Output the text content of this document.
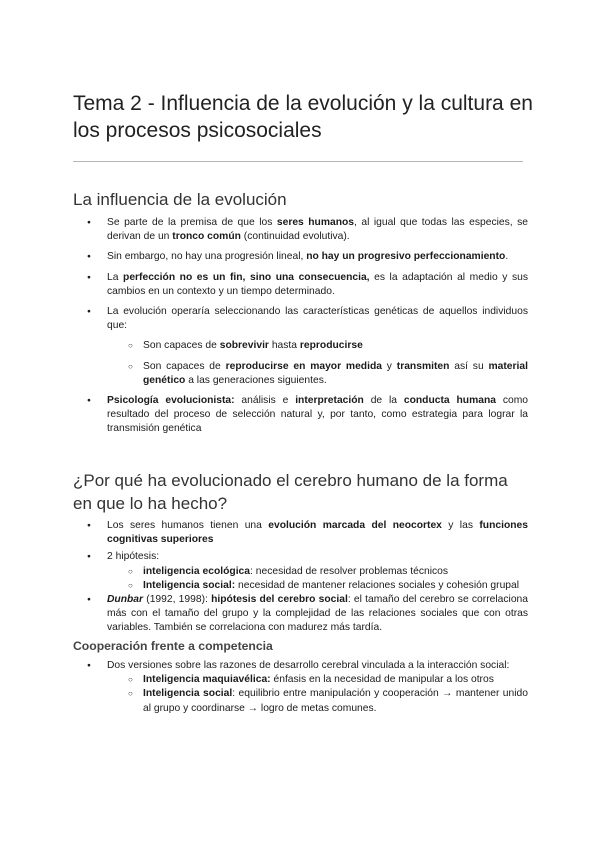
Tema 2 - Influencia de la evolución y la cultura en los procesos psicosociales
La influencia de la evolución
● Se parte de la premisa de que los seres humanos, al igual que todas las especies, se derivan de un tronco común (continuidad evolutiva).
● Sin embargo, no hay una progresión lineal, no hay un progresivo perfeccionamiento.
● La perfección no es un fin, sino una consecuencia, es la adaptación al medio y sus cambios en un contexto y un tiempo determinado.
● La evolución operaría seleccionando las características genéticas de aquellos individuos que:
○ Son capaces de sobrevivir hasta reproducirse
○ Son capaces de reproducirse en mayor medida y transmiten así su material genético a las generaciones siguientes.
● Psicología evolucionista: análisis e interpretación de la conducta humana como resultado del proceso de selección natural y, por tanto, como estrategia para lograr la transmisión genética
¿Por qué ha evolucionado el cerebro humano de la forma en que lo ha hecho?
● Los seres humanos tienen una evolución marcada del neocortex y las funciones cognitivas superiores
● 2 hipótesis:
○ inteligencia ecológica: necesidad de resolver problemas técnicos
○ Inteligencia social: necesidad de mantener relaciones sociales y cohesión grupal
● Dunbar (1992, 1998): hipótesis del cerebro social: el tamaño del cerebro se correlaciona más con el tamaño del grupo y la complejidad de las relaciones sociales que con otras variables. También se correlaciona con madurez más tardía.
Cooperación frente a competencia
● Dos versiones sobre las razones de desarrollo cerebral vinculada a la interacción social:
○ Inteligencia maquiavélica: énfasis en la necesidad de manipular a los otros
○ Inteligencia social: equilibrio entre manipulación y cooperación → mantener unido al grupo y coordinarse → logro de metas comunes.
